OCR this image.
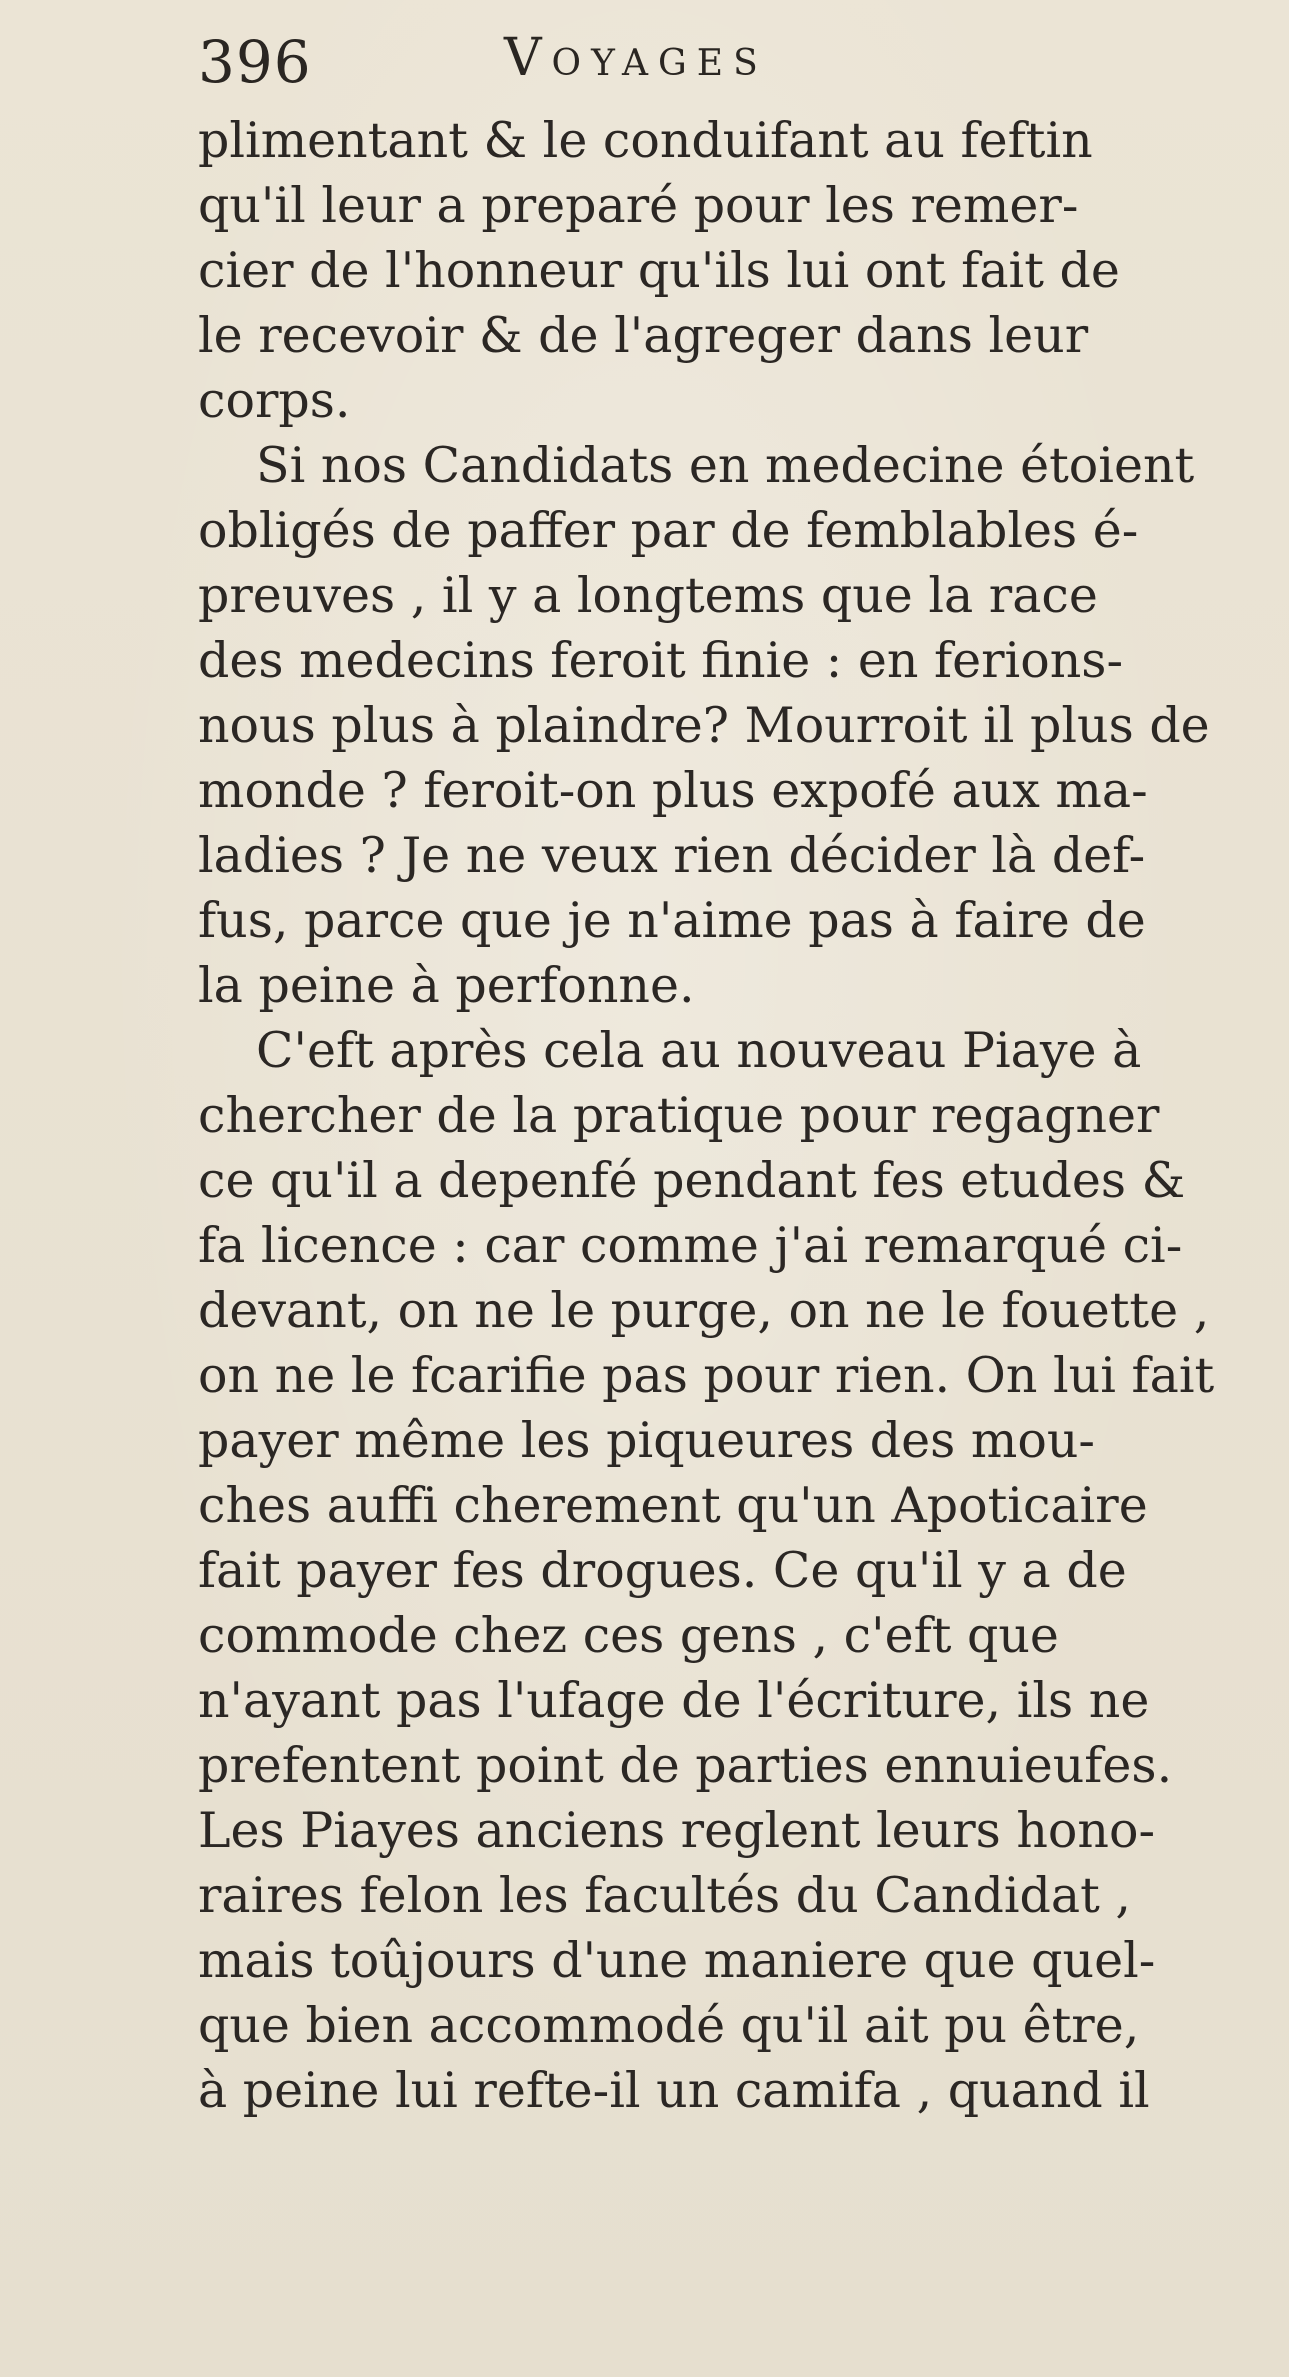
396	Voyages
plimentant & le conduifant au feftin
qu'il leur a preparé pour les remer-
cier de l'honneur qu'ils lui ont fait de
le recevoir & de l'agreger dans leur
corps.
Si nos Candidats en medecine étoient
obligés de paffer par de femblables é-
preuves , il y a longtems que la race
des medecins feroit finie : en ferions-
nous plus à plaindre? Mourroit il plus de
monde ? feroit-on plus expofé aux ma-
ladies ? Je ne veux rien décider là def-
fus, parce que je n'aime pas à faire de
la peine à perfonne.
C'eft après cela au nouveau Piaye à
chercher de la pratique pour regagner
ce qu'il a depenfé pendant fes etudes &
fa licence : car comme j'ai remarqué ci-
devant, on ne le purge, on ne le fouette ,
on ne le fcarifie pas pour rien. On lui fait
payer même les piqueures des mou-
ches auffi cherement qu'un Apoticaire
fait payer fes drogues. Ce qu'il y a de
commode chez ces gens , c'eft que
n'ayant pas l'ufage de l'écriture, ils ne
prefentent point de parties ennuieufes.
Les Piayes anciens reglent leurs hono-
raires felon les facultés du Candidat ,
mais toûjours d'une maniere que quel-
que bien accommodé qu'il ait pu être,
à peine lui refte-il un camifa , quand il
